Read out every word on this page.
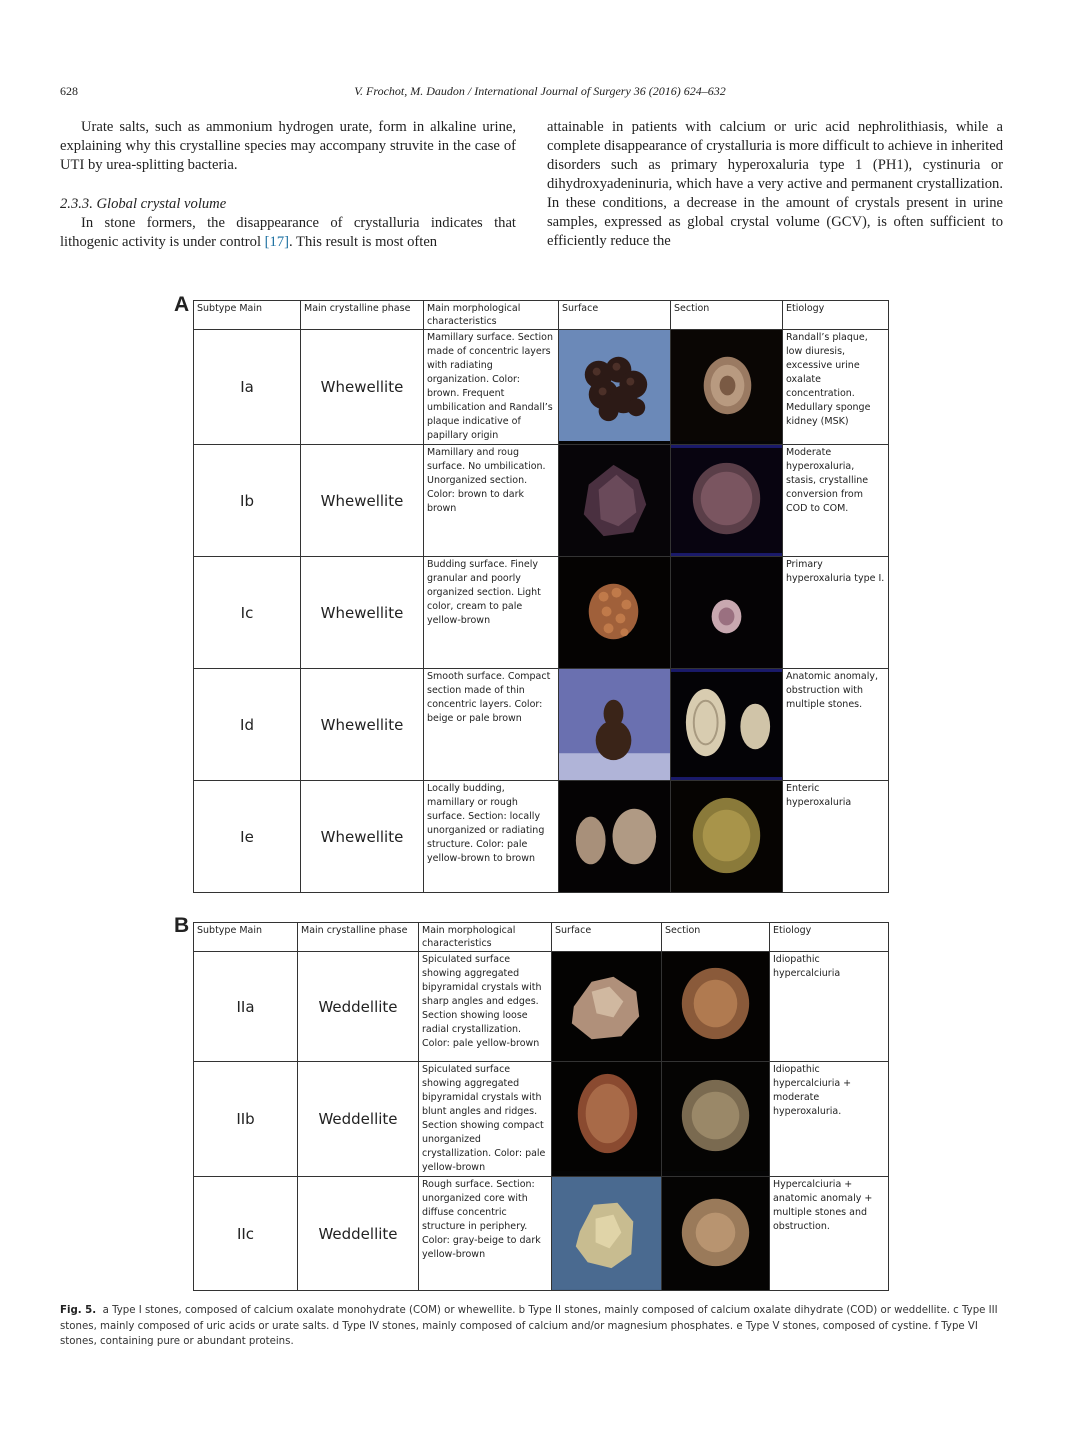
628	V. Frochot, M. Daudon / International Journal of Surgery 36 (2016) 624–632

Urate salts, such as ammonium hydrogen urate, form in alkaline urine, explaining why this crystalline species may accompany struvite in the case of UTI by urea-splitting bacteria.

2.3.3. Global crystal volume

In stone formers, the disappearance of crystalluria indicates that lithogenic activity is under control [17]. This result is most often

attainable in patients with calcium or uric acid nephrolithiasis, while a complete disappearance of crystalluria is more difficult to achieve in inherited disorders such as primary hyperoxaluria type 1 (PH1), cystinuria or dihydroxyadeninuria, which have a very active and permanent crystallization. In these conditions, a decrease in the amount of crystals present in urine samples, expressed as global crystal volume (GCV), is often sufficient to efficiently reduce the

A Subtype Main	Main crystalline phase	Main morphological characteristics	Surface	Section	Etiology
Ia	Whewellite	Mamillary surface. Section made of concentric layers with radiating organization. Color: brown. Frequent umbilication and Randall’s plaque indicative of papillary origin			Randall’s plaque, low diuresis, excessive urine oxalate concentration. Medullary sponge kidney (MSK)
Ib	Whewellite	Mamillary and roug surface. No umbilication. Unorganized section. Color: brown to dark brown			Moderate hyperoxaluria, stasis, crystalline conversion from COD to COM.
Ic	Whewellite	Budding surface. Finely granular and poorly organized section. Light color, cream to pale yellow-brown			Primary hyperoxaluria type I.
Id	Whewellite	Smooth surface. Compact section made of thin concentric layers. Color: beige or pale brown			Anatomic anomaly, obstruction with multiple stones.
Ie	Whewellite	Locally budding, mamillary or rough surface. Section: locally unorganized or radiating structure. Color: pale yellow-brown to brown			Enteric hyperoxaluria
B Subtype Main	Main crystalline phase	Main morphological characteristics	Surface	Section	Etiology
IIa	Weddellite	Spiculated surface showing aggregated bipyramidal crystals with sharp angles and edges. Section showing loose radial crystallization. Color: pale yellow-brown			Idiopathic hypercalciuria
IIb	Weddellite	Spiculated surface showing aggregated bipyramidal crystals with blunt angles and ridges. Section showing compact unorganized crystallization. Color: pale yellow-brown			Idiopathic hypercalciuria + moderate hyperoxaluria.
IIc	Weddellite	Rough surface. Section: unorganized core with diffuse concentric structure in periphery. Color: gray-beige to dark yellow-brown			Hypercalciuria + anatomic anomaly + multiple stones and obstruction.
Fig. 5. a Type I stones, composed of calcium oxalate monohydrate (COM) or whewellite. b Type II stones, mainly composed of calcium oxalate dihydrate (COD) or weddellite. c Type III stones, mainly composed of uric acids or urate salts. d Type IV stones, mainly composed of calcium and/or magnesium phosphates. e Type V stones, composed of cystine. f Type VI stones, containing pure or abundant proteins.
